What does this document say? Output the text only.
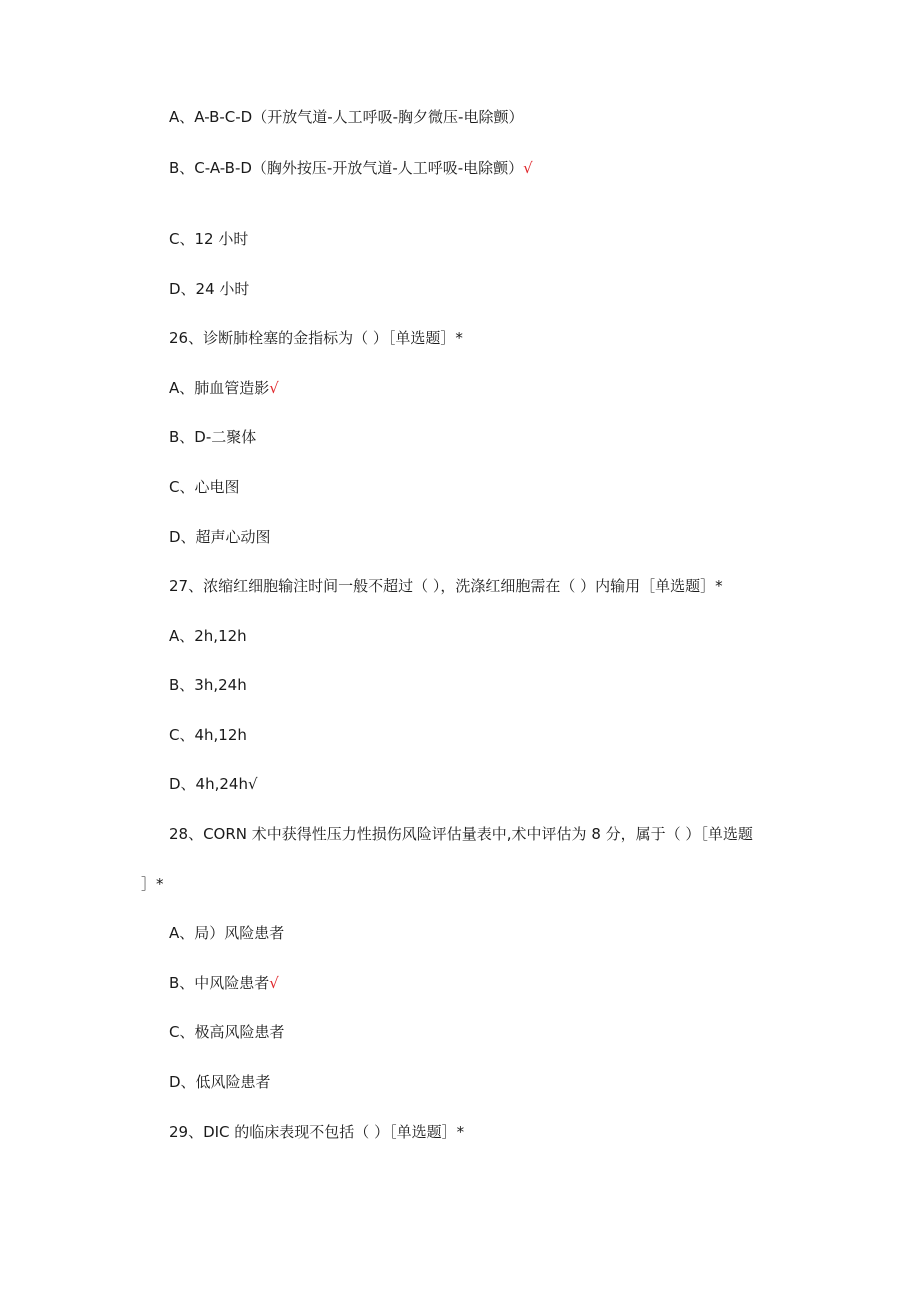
A、A-B-C-D（开放气道-人工呼吸-胸夕微压-电除颤）
B、C-A-B-D（胸外按压-开放气道-人工呼吸-电除颤）√
C、12 小时
D、24 小时
26、诊断肺栓塞的金指标为（ ）［单选题］*
A、肺血管造影√
B、D-二聚体
C、心电图
D、超声心动图
27、浓缩红细胞输注时间一般不超过（ ），洗涤红细胞需在（ ）内输用［单选题］*
A、2h,12h
B、3h,24h
C、4h,12h
D、4h,24h√
28、CORN 术中获得性压力性损伤风险评估量表中,术中评估为 8 分，属于（ ）［单选题
］*
A、局）风险患者
B、中风险患者√
C、极高风险患者
D、低风险患者
29、DIC 的临床表现不包括（ ）［单选题］*
